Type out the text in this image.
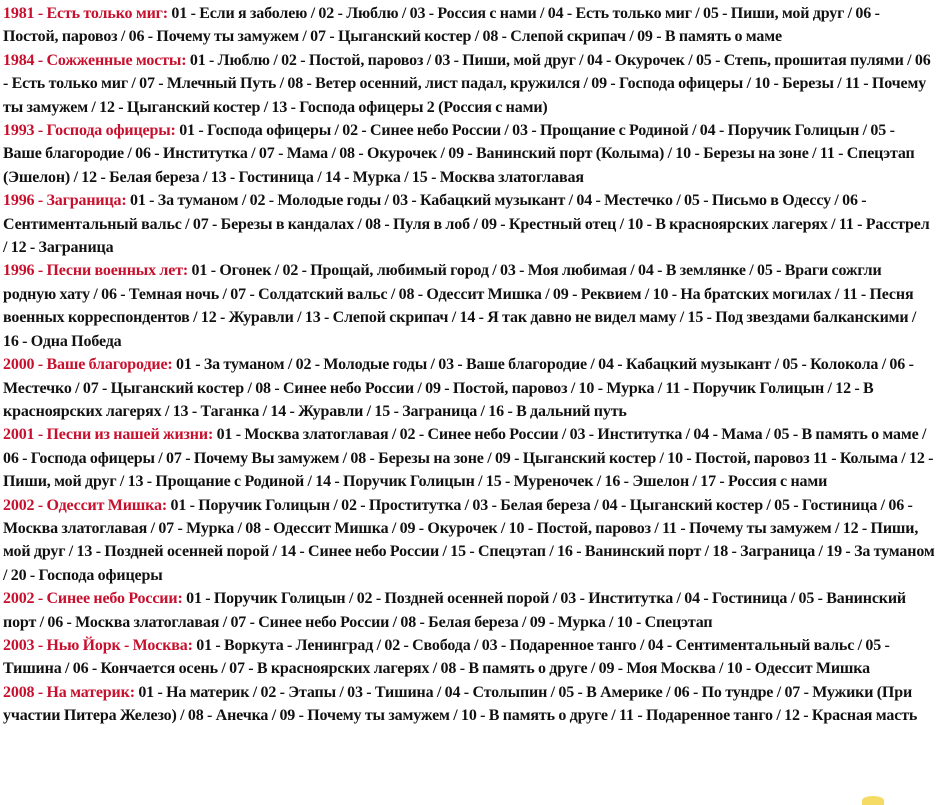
1981 - Есть только миг: 01 - Если я заболею / 02 - Люблю / 03 - Россия с нами / 04 - Есть только миг / 05 - Пиши, мой друг / 06 - Постой, паровоз / 06 - Почему ты замужем / 07 - Цыганский костер / 08 - Слепой скрипач / 09 - В память о маме

1984 - Сожженные мосты: 01 - Люблю / 02 - Постой, паровоз / 03 - Пиши, мой друг / 04 - Окурочек / 05 - Степь, прошитая пулями / 06 - Есть только миг / 07 - Млечный Путь / 08 - Ветер осенний, лист падал, кружился / 09 - Господа офицеры / 10 - Березы / 11 - Почему ты замужем / 12 - Цыганский костер / 13 - Господа офицеры 2 (Россия с нами)

1993 - Господа офицеры: 01 - Господа офицеры / 02 - Синее небо России / 03 - Прощание с Родиной / 04 - Поручик Голицын / 05 - Ваше благородие / 06 - Институтка / 07 - Мама / 08 - Окурочек / 09 - Ванинский порт (Колыма) / 10 - Березы на зоне / 11 - Спецэтап (Эшелон) / 12 - Белая береза / 13 - Гостиница / 14 - Мурка / 15 - Москва златоглавая

1996 - Заграница: 01 - За туманом / 02 - Молодые годы / 03 - Кабацкий музыкант / 04 - Местечко / 05 - Письмо в Одессу / 06 - Сентиментальный вальс / 07 - Березы в кандалах / 08 - Пуля в лоб / 09 - Крестный отец / 10 - В красноярских лагерях / 11 - Расстрел / 12 - Заграница

1996 - Песни военных лет: 01 - Огонек / 02 - Прощай, любимый город / 03 - Моя любимая / 04 - В землянке / 05 - Враги сожгли родную хату / 06 - Темная ночь / 07 - Солдатский вальс / 08 - Одессит Мишка / 09 - Реквием / 10 - На братских могилах / 11 - Песня военных корреспондентов / 12 - Журавли / 13 - Слепой скрипач / 14 - Я так давно не видел маму / 15 - Под звездами балканскими / 16 - Одна Победа

2000 - Ваше благородие: 01 - За туманом / 02 - Молодые годы / 03 - Ваше благородие / 04 - Кабацкий музыкант / 05 - Колокола / 06 - Местечко / 07 - Цыганский костер / 08 - Синее небо России / 09 - Постой, паровоз / 10 - Мурка / 11 - Поручик Голицын / 12 - В красноярских лагерях / 13 - Таганка / 14 - Журавли / 15 - Заграница / 16 - В дальний путь

2001 - Песни из нашей жизни: 01 - Москва златоглавая / 02 - Синее небо России / 03 - Институтка / 04 - Мама / 05 - В память о маме / 06 - Господа офицеры / 07 - Почему Вы замужем / 08 - Березы на зоне / 09 - Цыганский костер / 10 - Постой, паровоз 11 - Колыма / 12 - Пиши, мой друг / 13 - Прощание с Родиной / 14 - Поручик Голицын / 15 - Муреночек / 16 - Эшелон / 17 - Россия с нами

2002 - Одессит Мишка: 01 - Поручик Голицын / 02 - Проститутка / 03 - Белая береза / 04 - Цыганский костер / 05 - Гостиница / 06 - Москва златоглавая / 07 - Мурка / 08 - Одессит Мишка / 09 - Окурочек / 10 - Постой, паровоз / 11 - Почему ты замужем / 12 - Пиши, мой друг / 13 - Поздней осенней порой / 14 - Синее небо России / 15 - Спецэтап / 16 - Ванинский порт / 18 - Заграница / 19 - За туманом / 20 - Господа офицеры

2002 - Синее небо России: 01 - Поручик Голицын / 02 - Поздней осенней порой / 03 - Институтка / 04 - Гостиница / 05 - Ванинский порт / 06 - Москва златоглавая / 07 - Синее небо России / 08 - Белая береза / 09 - Мурка / 10 - Спецэтап

2003 - Нью Йорк - Москва: 01 - Воркута - Ленинград / 02 - Свобода / 03 - Подаренное танго / 04 - Сентиментальный вальс / 05 - Тишина / 06 - Кончается осень / 07 - В красноярских лагерях / 08 - В память о друге / 09 - Моя Москва / 10 - Одессит Мишка

2008 - На материк: 01 - На материк / 02 - Этапы / 03 - Тишина / 04 - Столыпин / 05 - В Америке / 06 - По тундре / 07 - Мужики (При участии Питера Железо) / 08 - Анечка / 09 - Почему ты замужем / 10 - В память о друге / 11 - Подаренное танго / 12 - Красная масть
